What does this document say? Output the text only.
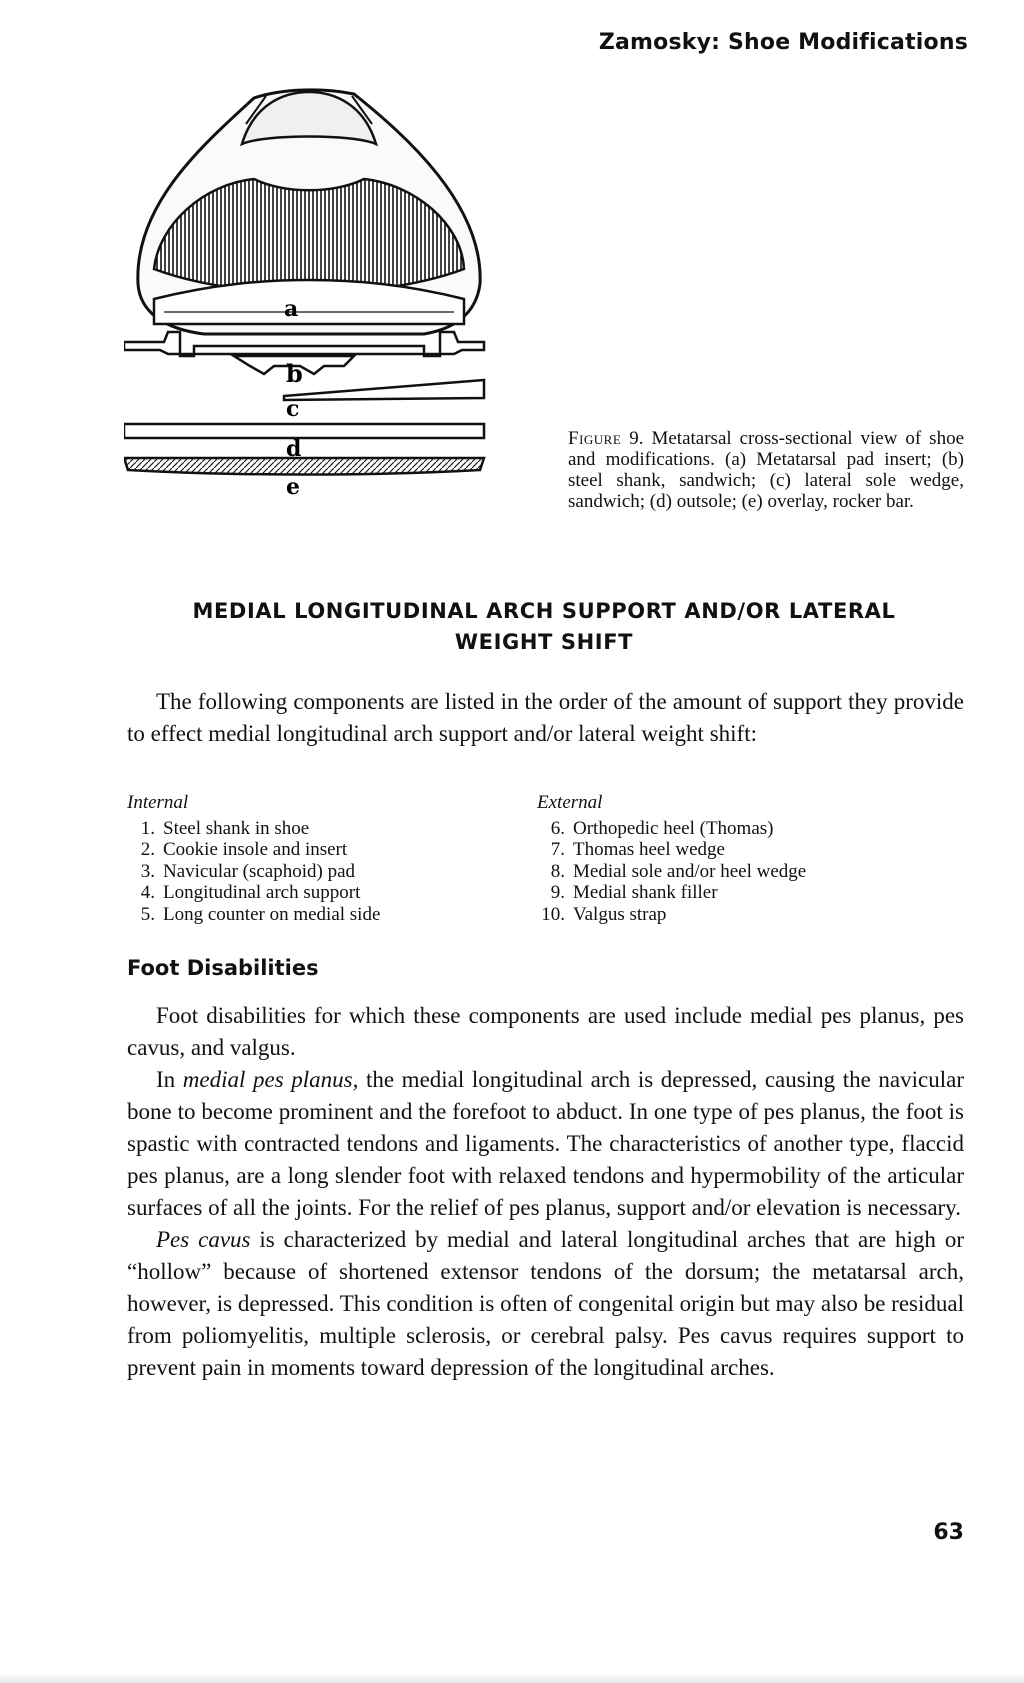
Zamosky: Shoe Modifications
a
b
c
d
e
Figure 9. Metatarsal cross-sectional view of shoe and modifications. (a) Metatarsal pad insert; (b) steel shank, sandwich; (c) lateral sole wedge, sandwich; (d) outsole; (e) overlay, rocker bar.
MEDIAL LONGITUDINAL ARCH SUPPORT AND/OR LATERAL
WEIGHT SHIFT

The following components are listed in the order of the amount of support they provide to effect medial longitudinal arch support and/or lateral weight shift:

Internal
1. Steel shank in shoe
2. Cookie insole and insert
3. Navicular (scaphoid) pad
4. Longitudinal arch support
5. Long counter on medial side
External
6. Orthopedic heel (Thomas)
7. Thomas heel wedge
8. Medial sole and/or heel wedge
9. Medial shank filler
10. Valgus strap
Foot Disabilities

Foot disabilities for which these components are used include medial pes planus, pes cavus, and valgus.

In medial pes planus, the medial longitudinal arch is depressed, causing the navicular bone to become prominent and the forefoot to abduct. In one type of pes planus, the foot is spastic with contracted tendons and ligaments. The characteristics of another type, flaccid pes planus, are a long slender foot with relaxed tendons and hypermobility of the articular surfaces of all the joints. For the relief of pes planus, support and/or elevation is necessary.

Pes cavus is characterized by medial and lateral longitudinal arches that are high or “hollow” because of shortened extensor tendons of the dorsum; the metatarsal arch, however, is depressed. This condition is often of congenital origin but may also be residual from poliomyelitis, multiple sclerosis, or cerebral palsy. Pes cavus requires support to prevent pain in moments toward depression of the longitudinal arches.

63
